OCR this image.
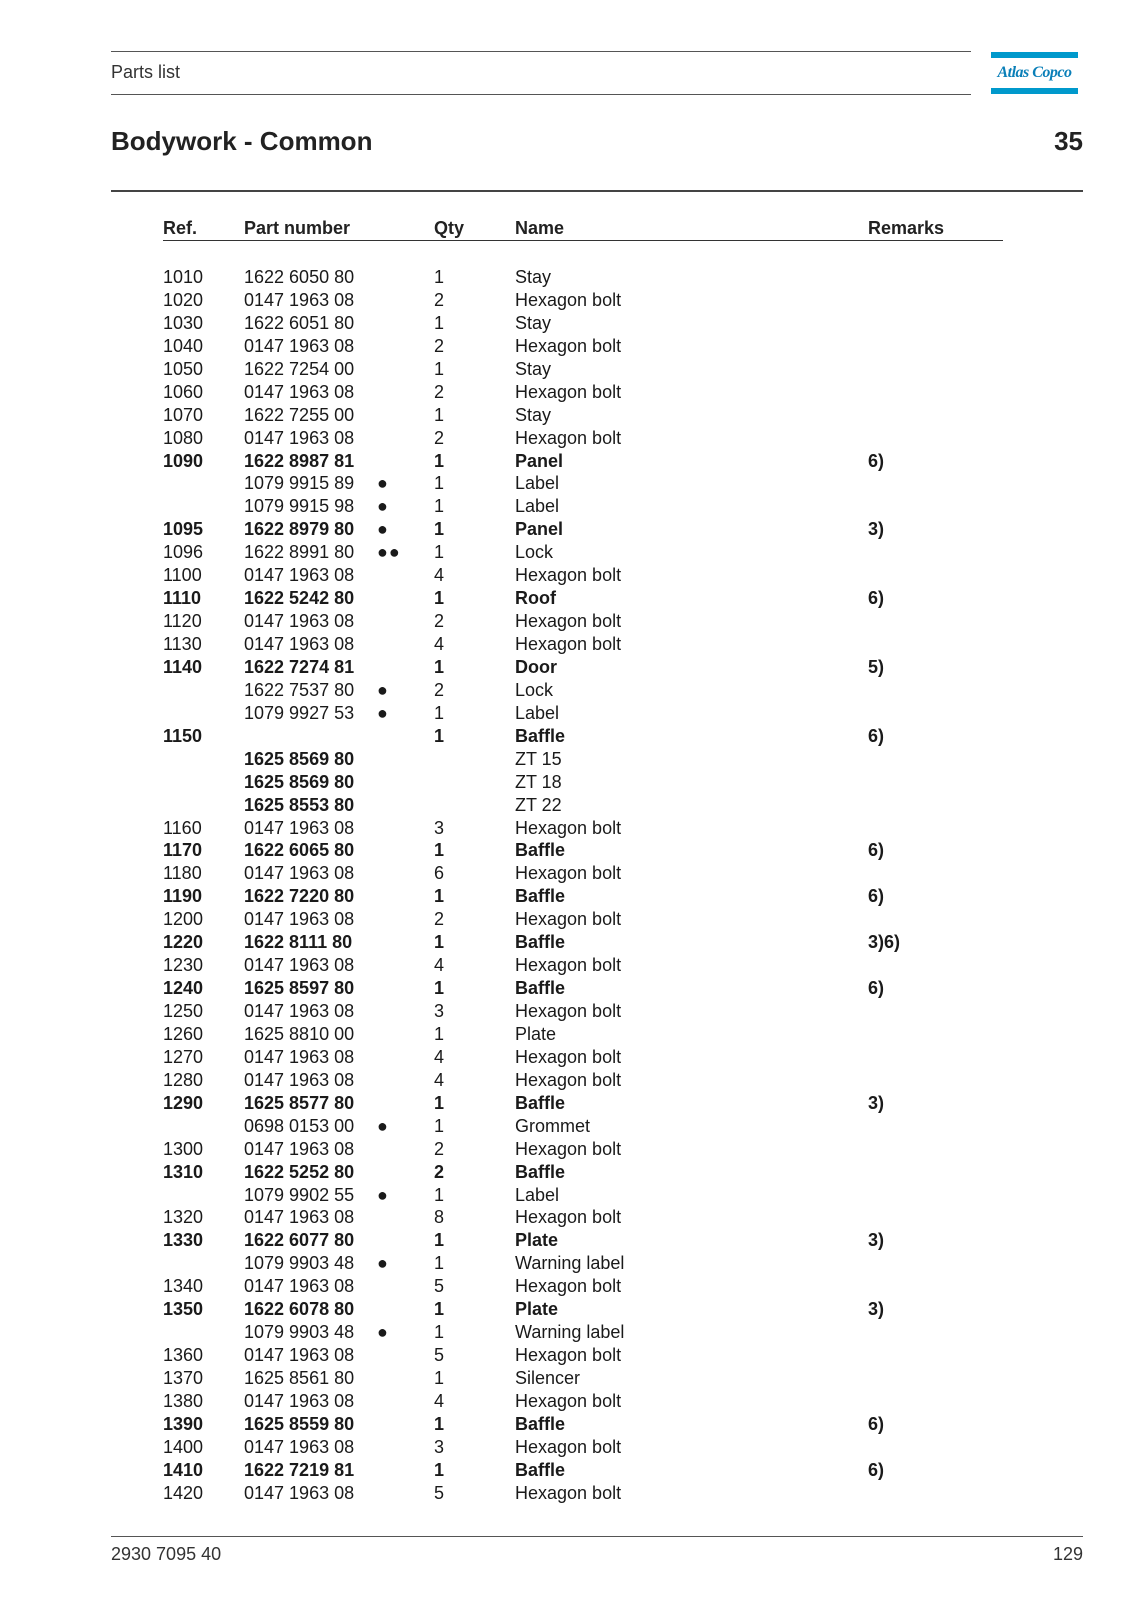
Parts list	Atlas Copco
Bodywork - Common	35
Ref.	Part number	Qty	Name	Remarks
1010 1622 6050 80	1	Stay
1020 0147 1963 08	2	Hexagon bolt
1030 1622 6051 80	1	Stay
1040 0147 1963 08	2	Hexagon bolt
1050 1622 7254 00	1	Stay
1060 0147 1963 08	2	Hexagon bolt
1070 1622 7255 00	1	Stay
1080 0147 1963 08	2	Hexagon bolt
1090 1622 8987 81	1	Panel	6)
1079 9915 89 ●	1	Label
1079 9915 98 ●	1	Label
1095 1622 8979 80 ●	1	Panel	3)
1096 1622 8991 80 ●● 1	Lock
1100 0147 1963 08	4	Hexagon bolt
1110 1622 5242 80	1	Roof	6)
1120 0147 1963 08	2	Hexagon bolt
1130 0147 1963 08	4	Hexagon bolt
1140 1622 7274 81	1	Door	5)
1622 7537 80 ●	2	Lock
1079 9927 53 ●	1	Label
1150	1	Baffle	6)
1625 8569 80	ZT 15
1625 8569 80	ZT 18
1625 8553 80	ZT 22
1160 0147 1963 08	3	Hexagon bolt
1170 1622 6065 80	1	Baffle	6)
1180 0147 1963 08	6	Hexagon bolt
1190 1622 7220 80	1	Baffle	6)
1200 0147 1963 08	2	Hexagon bolt
1220 1622 8111 80	1	Baffle	3)6)
1230 0147 1963 08	4	Hexagon bolt
1240 1625 8597 80	1	Baffle	6)
1250 0147 1963 08	3	Hexagon bolt
1260 1625 8810 00	1	Plate
1270 0147 1963 08	4	Hexagon bolt
1280 0147 1963 08	4	Hexagon bolt
1290 1625 8577 80	1	Baffle	3)
0698 0153 00 ●	1	Grommet
1300 0147 1963 08	2	Hexagon bolt
1310 1622 5252 80	2	Baffle
1079 9902 55 ●	1	Label
1320 0147 1963 08	8	Hexagon bolt
1330 1622 6077 80	1	Plate	3)
1079 9903 48 ●	1	Warning label
1340 0147 1963 08	5	Hexagon bolt
1350 1622 6078 80	1	Plate	3)
1079 9903 48 ●	1	Warning label
1360 0147 1963 08	5	Hexagon bolt
1370 1625 8561 80	1	Silencer
1380 0147 1963 08	4	Hexagon bolt
1390 1625 8559 80	1	Baffle	6)
1400 0147 1963 08	3	Hexagon bolt
1410 1622 7219 81	1	Baffle	6)
1420 0147 1963 08	5	Hexagon bolt
2930 7095 40	129
